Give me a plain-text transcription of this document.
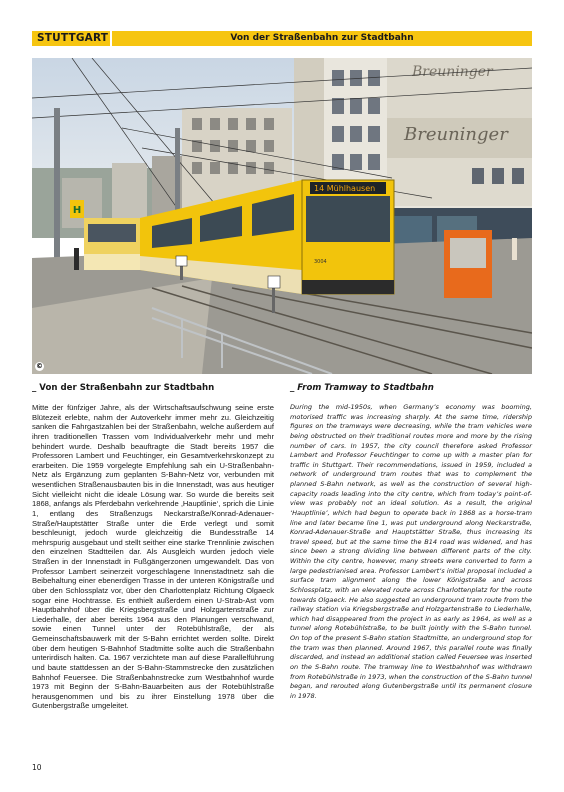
STUTTGART	Von der Straßenbahn zur Stadtbahn
Breuninger
Breuninger
H
14 Mühlhausen
3004
©
_ Von der Straßenbahn zur Stadtbahn

Mitte der fünfziger Jahre, als der Wirtschaftsaufschwung seine erste Blütezeit erlebte, nahm der Autoverkehr immer mehr zu. Gleichzeitig sanken die Fahrgastzahlen bei der Straßenbahn, welche außerdem auf ihren traditionellen Trassen vom Individualverkehr mehr und mehr behindert wurde. Deshalb beauftragte die Stadt bereits 1957 die Professoren Lambert und Feuchtinger, ein Gesamtverkehrskonzept zu erarbeiten. Die 1959 vorgelegte Empfehlung sah ein U-Straßenbahn-Netz als Ergänzung zum geplanten S-Bahn-Netz vor, verbunden mit wesentlichen Straßenausbauten bis in die Innenstadt, was aus heutiger Sicht vielleicht nicht die ideale Lösung war. So wurde die bereits seit 1868, anfangs als Pferdebahn verkehrende ‚Hauptlinie‘, sprich die Linie 1, entlang des Straßenzugs Neckarstraße/Konrad-Adenauer-Straße/Hauptstätter Straße unter die Erde verlegt und somit beschleunigt, jedoch wurde gleichzeitig die Bundesstraße 14 mehrspurig ausgebaut und stellt seither eine starke Trennlinie zwischen den einzelnen Stadtteilen dar. Als Ausgleich wurden jedoch viele Straßen in der Innenstadt in Fußgängerzonen umgewandelt. Das von Professor Lambert seinerzeit vorgeschlagene Innenstadtnetz sah die Beibehaltung einer ebenerdigen Trasse in der unteren Königstraße und über den Schlossplatz vor, über den Charlottenplatz Richtung Olgaeck sogar eine Hochtrasse. Es enthielt außerdem einen U-Strab-Ast vom Hauptbahnhof über die Kriegsbergstraße und Holzgartenstraße zur Liederhalle, der aber bereits 1964 aus den Planungen verschwand, sowie einen Tunnel unter der Rotebühlstraße, der als Gemeinschaftsbauwerk mit der S-Bahn errichtet werden sollte. Direkt über dem heutigen S-Bahnhof Stadtmitte sollte auch die Straßenbahn unterirdisch halten. Ca. 1967 verzichtete man auf diese Parallelführung und baute stattdessen an der S-Bahn-Stammstrecke den zusätzlichen Bahnhof Feuersee. Die Straßenbahnstrecke zum Westbahnhof wurde 1973 mit Beginn der S-Bahn-Bauarbeiten aus der Rotebühlstraße herausgenommen und bis zu ihrer Einstellung 1978 über die Gutenbergstraße umgeleitet.

_ From Tramway to Stadtbahn

During the mid-1950s, when Germany’s economy was booming, motorised traffic was increasing sharply. At the same time, ridership figures on the tramways were decreasing, while the tram vehicles were being obstructed on their traditional routes more and more by the rising number of cars. In 1957, the city council therefore asked Professor Lambert and Professor Feuchtinger to come up with a master plan for traffic in Stuttgart. Their recommendations, issued in 1959, included a network of underground tram routes that was to complement the planned S-Bahn network, as well as the construction of several high-capacity roads leading into the city centre, which from today’s point-of-view was probably not an ideal solution. As a result, the original ‘Hauptlinie’, which had begun to operate back in 1868 as a horse-tram line and later became line 1, was put underground along Neckarstraße, Konrad-Adenauer-Straße and Hauptstätter Straße, thus increasing its travel speed, but at the same time the B14 road was widened, and has since been a strong dividing line between different parts of the city. Within the city centre, however, many streets were converted to form a large pedestrianised area. Professor Lambert’s initial proposal included a surface tram alignment along the lower Königstraße and across Schlossplatz, with an elevated route across Charlottenplatz for the route towards Olgaeck. He also suggested an underground tram route from the railway station via Kriegsbergstraße and Holzgartenstraße to Liederhalle, which had disappeared from the project in as early as 1964, as well as a tunnel along Rotebühlstraße, to be built jointly with the S-Bahn tunnel. On top of the present S-Bahn station Stadtmitte, an underground stop for the tram was then planned. Around 1967, this parallel route was finally discarded, and instead an additional station called Feuersee was inserted on the S-Bahn route. The tramway line to Westbahnhof was withdrawn from Rotebühlstraße in 1973, when the construction of the S-Bahn tunnel began, and rerouted along Gutenbergstraße until its permanent closure in 1978.

10
